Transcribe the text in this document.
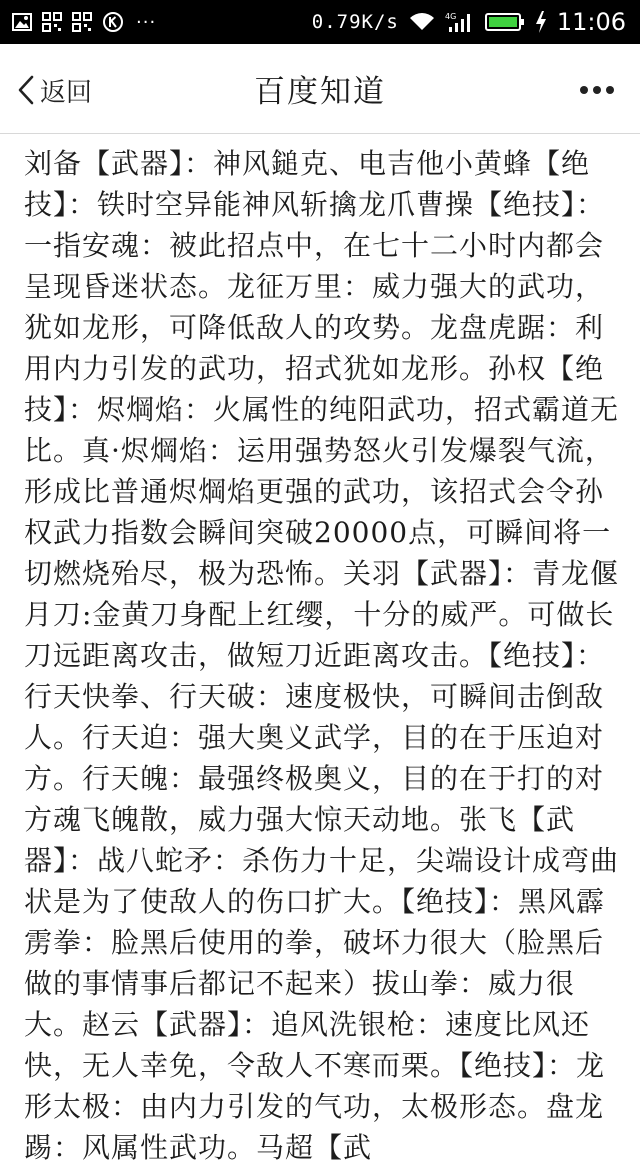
···	0.79K/s	4G	11:06
返回	百度知道
刘备【武器】：神风鎚克、电吉他小黄蜂【绝技】：铁时空异能神风斩擒龙爪曹操【绝技】：一指安魂：被此招点中，在七十二小时内都会呈现昏迷状态。龙征万里：威力强大的武功，犹如龙形，可降低敌人的攻势。龙盘虎踞：利用内力引发的武功，招式犹如龙形。孙权【绝技】：烬焵焰：火属性的纯阳武功，招式霸道无比。真·烬焵焰：运用强势怒火引发爆裂气流，形成比普通烬焵焰更强的武功，该招式会令孙权武力指数会瞬间突破20000点，可瞬间将一切燃烧殆尽，极为恐怖。关羽【武器】：青龙偃月刀:金黄刀身配上红缨，十分的威严。可做长刀远距离攻击，做短刀近距离攻击。【绝技】：行天快拳、行天破：速度极快，可瞬间击倒敌人。行天迫：强大奥义武学，目的在于压迫对方。行天魄：最强终极奥义，目的在于打的对方魂飞魄散，威力强大惊天动地。张飞【武器】：战八蛇矛：杀伤力十足，尖端设计成弯曲状是为了使敌人的伤口扩大。【绝技】：黑风霹雳拳：脸黑后使用的拳，破坏力很大（脸黑后做的事情事后都记不起来）拔山拳：威力很大。赵云【武器】：追风洗银枪：速度比风还快，无人幸免，令敌人不寒而栗。【绝技】：龙形太极：由内力引发的气功，太极形态。盘龙踢：风属性武功。马超【武
